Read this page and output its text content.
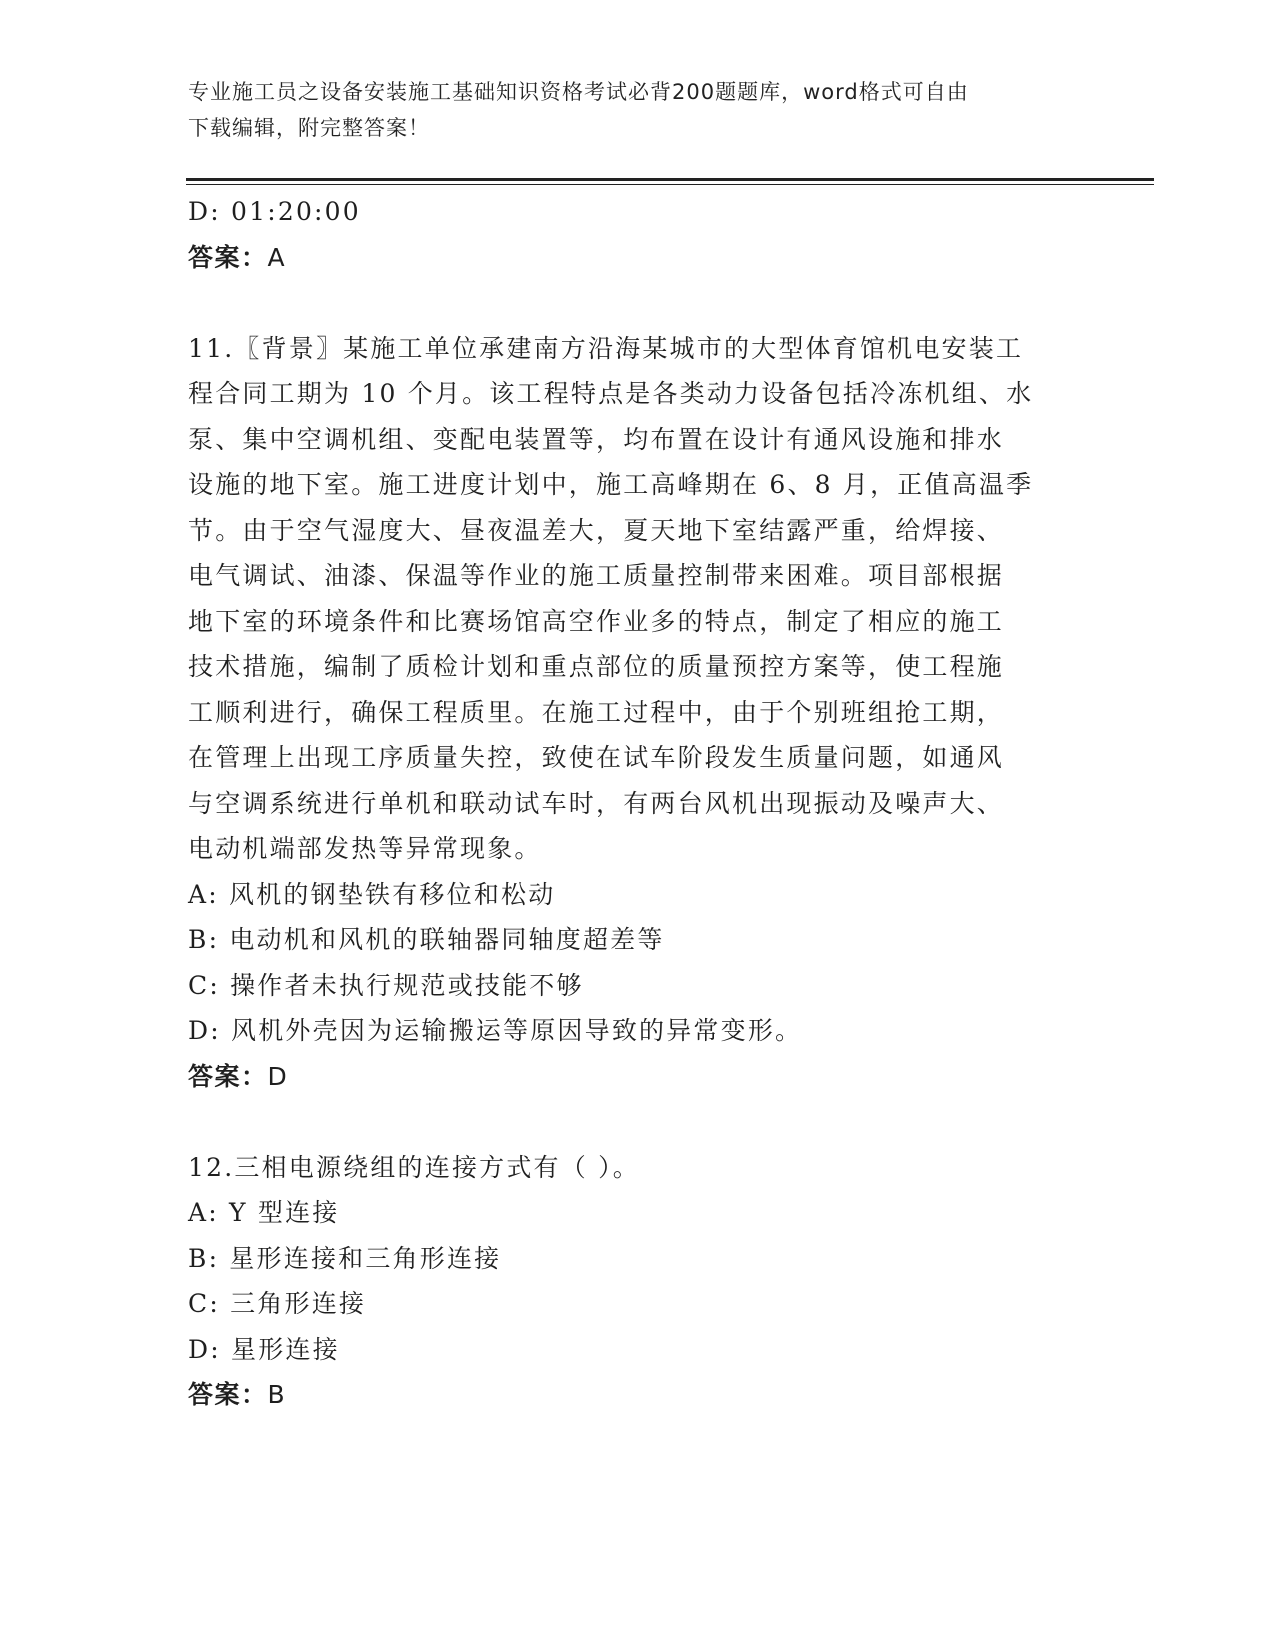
专业施工员之设备安装施工基础知识资格考试必背200题题库，word格式可自由
下载编辑，附完整答案！
D: 01:20:00
答案：A
11.〖背景〗某施工单位承建南方沿海某城市的大型体育馆机电安装工
程合同工期为 10 个月。该工程特点是各类动力设备包括冷冻机组、水
泵、集中空调机组、变配电装置等，均布置在设计有通风设施和排水
设施的地下室。施工进度计划中，施工高峰期在 6、8 月，正值高温季
节。由于空气湿度大、昼夜温差大，夏天地下室结露严重，给焊接、
电气调试、油漆、保温等作业的施工质量控制带来困难。项目部根据
地下室的环境条件和比赛场馆高空作业多的特点，制定了相应的施工
技术措施，编制了质检计划和重点部位的质量预控方案等，使工程施
工顺利进行，确保工程质里。在施工过程中，由于个别班组抢工期，
在管理上出现工序质量失控，致使在试车阶段发生质量问题，如通风
与空调系统进行单机和联动试车时，有两台风机出现振动及噪声大、
电动机端部发热等异常现象。
A: 风机的钢垫铁有移位和松动
B: 电动机和风机的联轴器同轴度超差等
C: 操作者未执行规范或技能不够
D: 风机外壳因为运输搬运等原因导致的异常变形。
答案：D
12.三相电源绕组的连接方式有（ ）。
A: Y 型连接
B: 星形连接和三角形连接
C: 三角形连接
D: 星形连接
答案：B
